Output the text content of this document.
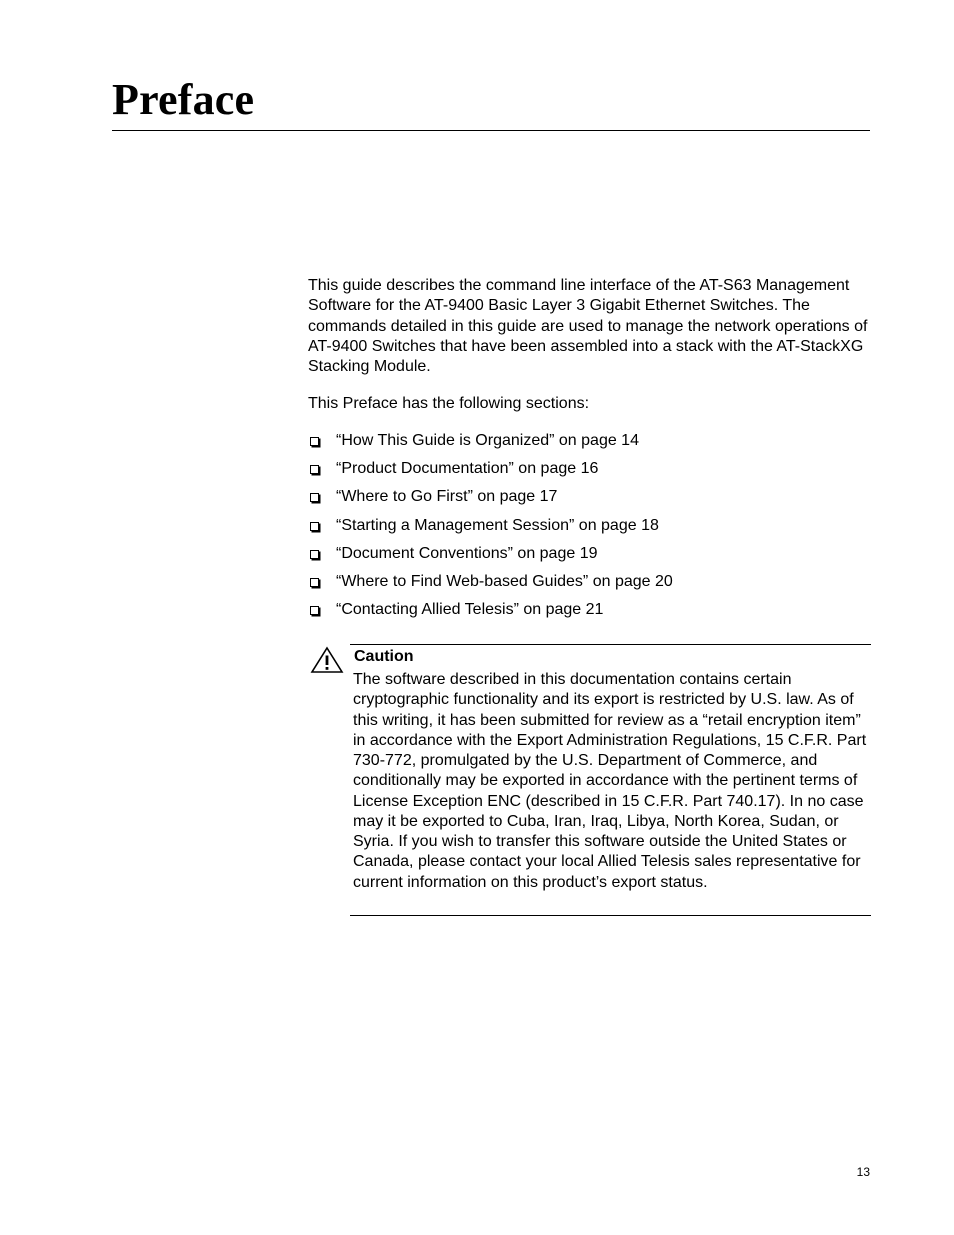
Preface

This guide describes the command line interface of the AT-S63 Management Software for the AT-9400 Basic Layer 3 Gigabit Ethernet Switches. The commands detailed in this guide are used to manage the network operations of AT-9400 Switches that have been assembled into a stack with the AT-StackXG Stacking Module.

This Preface has the following sections:

“How This Guide is Organized” on page 14
“Product Documentation” on page 16
“Where to Go First” on page 17
“Starting a Management Session” on page 18
“Document Conventions” on page 19
“Where to Find Web-based Guides” on page 20
“Contacting Allied Telesis” on page 21
Caution

The software described in this documentation contains certain cryptographic functionality and its export is restricted by U.S. law. As of this writing, it has been submitted for review as a “retail encryption item” in accordance with the Export Administration Regulations, 15 C.F.R. Part 730-772, promulgated by the U.S. Department of Commerce, and conditionally may be exported in accordance with the pertinent terms of License Exception ENC (described in 15 C.F.R. Part 740.17). In no case may it be exported to Cuba, Iran, Iraq, Libya, North Korea, Sudan, or Syria. If you wish to transfer this software outside the United States or Canada, please contact your local Allied Telesis sales representative for current information on this product’s export status.

13
